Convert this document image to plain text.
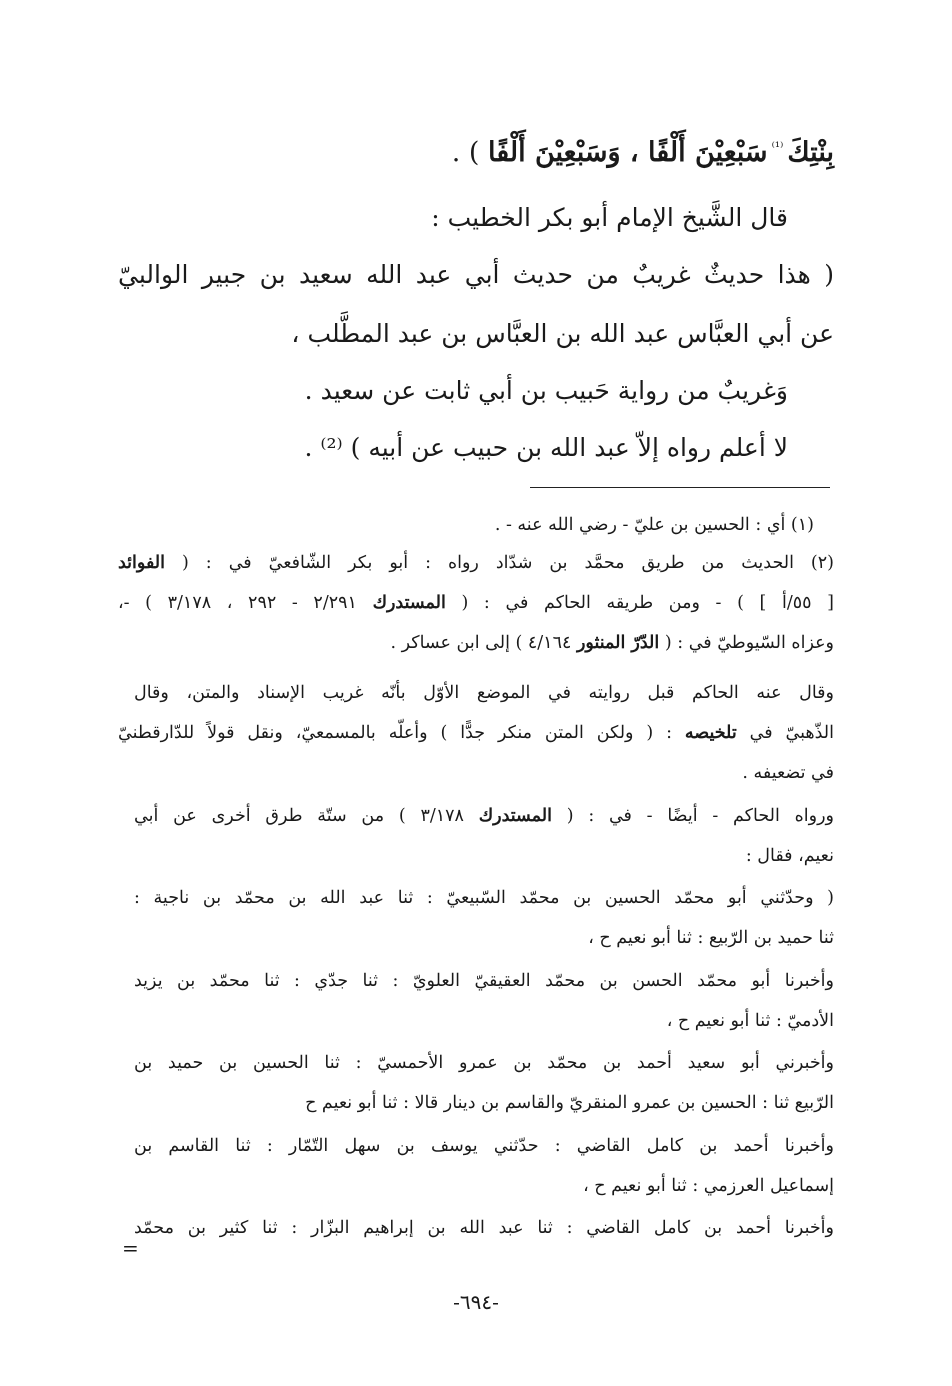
بِنْتِكَ $^{^{(1)}}$ سَبْعِيْنَ أَلْفًا ، وَسَبْعِيْنَ أَلْفًا ) .
قال الشَّيخ الإمام أبو بكر الخطيب :
( هذا حديثٌ غريبٌ من حديث أبي عبد الله سعيد بن جبير الوالبيّ
عن أبي العبَّاس عبد الله بن العبَّاس بن عبد المطَّلب ،
وَغريبٌ من رواية حَبيب بن أبي ثابت عن سعيد .
لا أعلم رواه إلاّ عبد الله بن حبيب عن أبيه ) ⁽²⁾ .
(١) أي : الحسين بن عليّ - رضي الله عنه - .
(٢) الحديث من طريق محمَّد بن شدّاد رواه : أبو بكر الشّافعيّ في : ( الفوائد
[ ٥٥/أ ] ) - ومن طريقه الحاكم في : ( المستدرك ٢/٢٩١ - ٢٩٢ ، ٣/١٧٨ ) -،
وعزاه السّيوطيّ في : ( الدّرّ المنثور ٤/١٦٤ ) إلى ابن عساكر .
وقال عنه الحاكم قبل روايته في الموضع الأوّل بأنّه غريب الإسناد والمتن، وقال
الذّهبيّ في تلخيصه : ( ولكن المتن منكر جدًّا ) وأعلّه بالمسمعيّ، ونقل قولاً للدّارقطنيّ
في تضعيفه .
ورواه الحاكم - أيضًا - في : ( المستدرك ٣/١٧٨ ) من ستّة طرق أخرى عن أبي
نعيم، فقال :
( وحدّثني أبو محمّد الحسين بن محمّد السّبيعيّ : ثنا عبد الله بن محمّد بن ناجية :
ثنا حميد بن الرّبيع : ثنا أبو نعيم ح ،
وأخبرنا أبو محمّد الحسن بن محمّد العقيقيّ العلويّ : ثنا جدّي : ثنا محمّد بن يزيد
الأدميّ : ثنا أبو نعيم ح ،
وأخبرني أبو سعيد أحمد بن محمّد بن عمرو الأحمسيّ : ثنا الحسين بن حميد بن
الرّبيع ثنا : الحسين بن عمرو المنقريّ والقاسم بن دينار قالا : ثنا أبو نعيم ح
وأخبرنا أحمد بن كامل القاضي : حدّثني يوسف بن سهل التّمّار : ثنا القاسم بن
إسماعيل العرزمي : ثنا أبو نعيم ح ،
وأخبرنا أحمد بن كامل القاضي : ثنا عبد الله بن إبراهيم البزّار : ثنا كثير بن محمّد
=
-٦٩٤-
